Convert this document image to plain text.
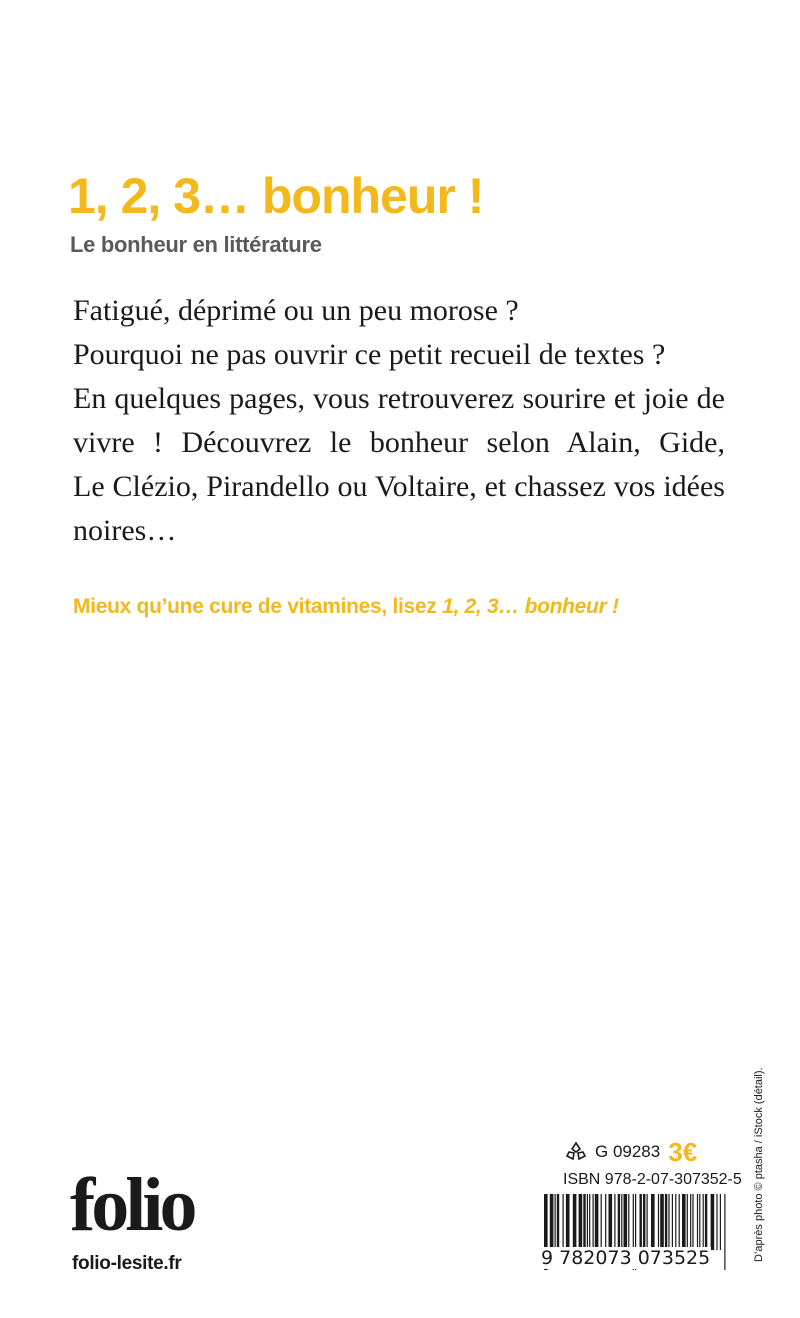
1, 2, 3… bonheur !
Le bonheur en littérature
Fatigué, déprimé ou un peu morose ?
Pourquoi ne pas ouvrir ce petit recueil de textes ?
En quelques pages, vous retrouverez sourire et joie de
vivre ! Découvrez le bonheur selon Alain, Gide,
Le Clézio, Pirandello ou Voltaire, et chassez vos idées
noires…

Mieux qu’une cure de vitamines, lisez 1, 2, 3… bonheur !

folio
folio-lesite.fr
G 09283 3€
ISBN 978-2-07-307352-5
9 782073 073525	D’après photo © ptasha / iStock (détail).
